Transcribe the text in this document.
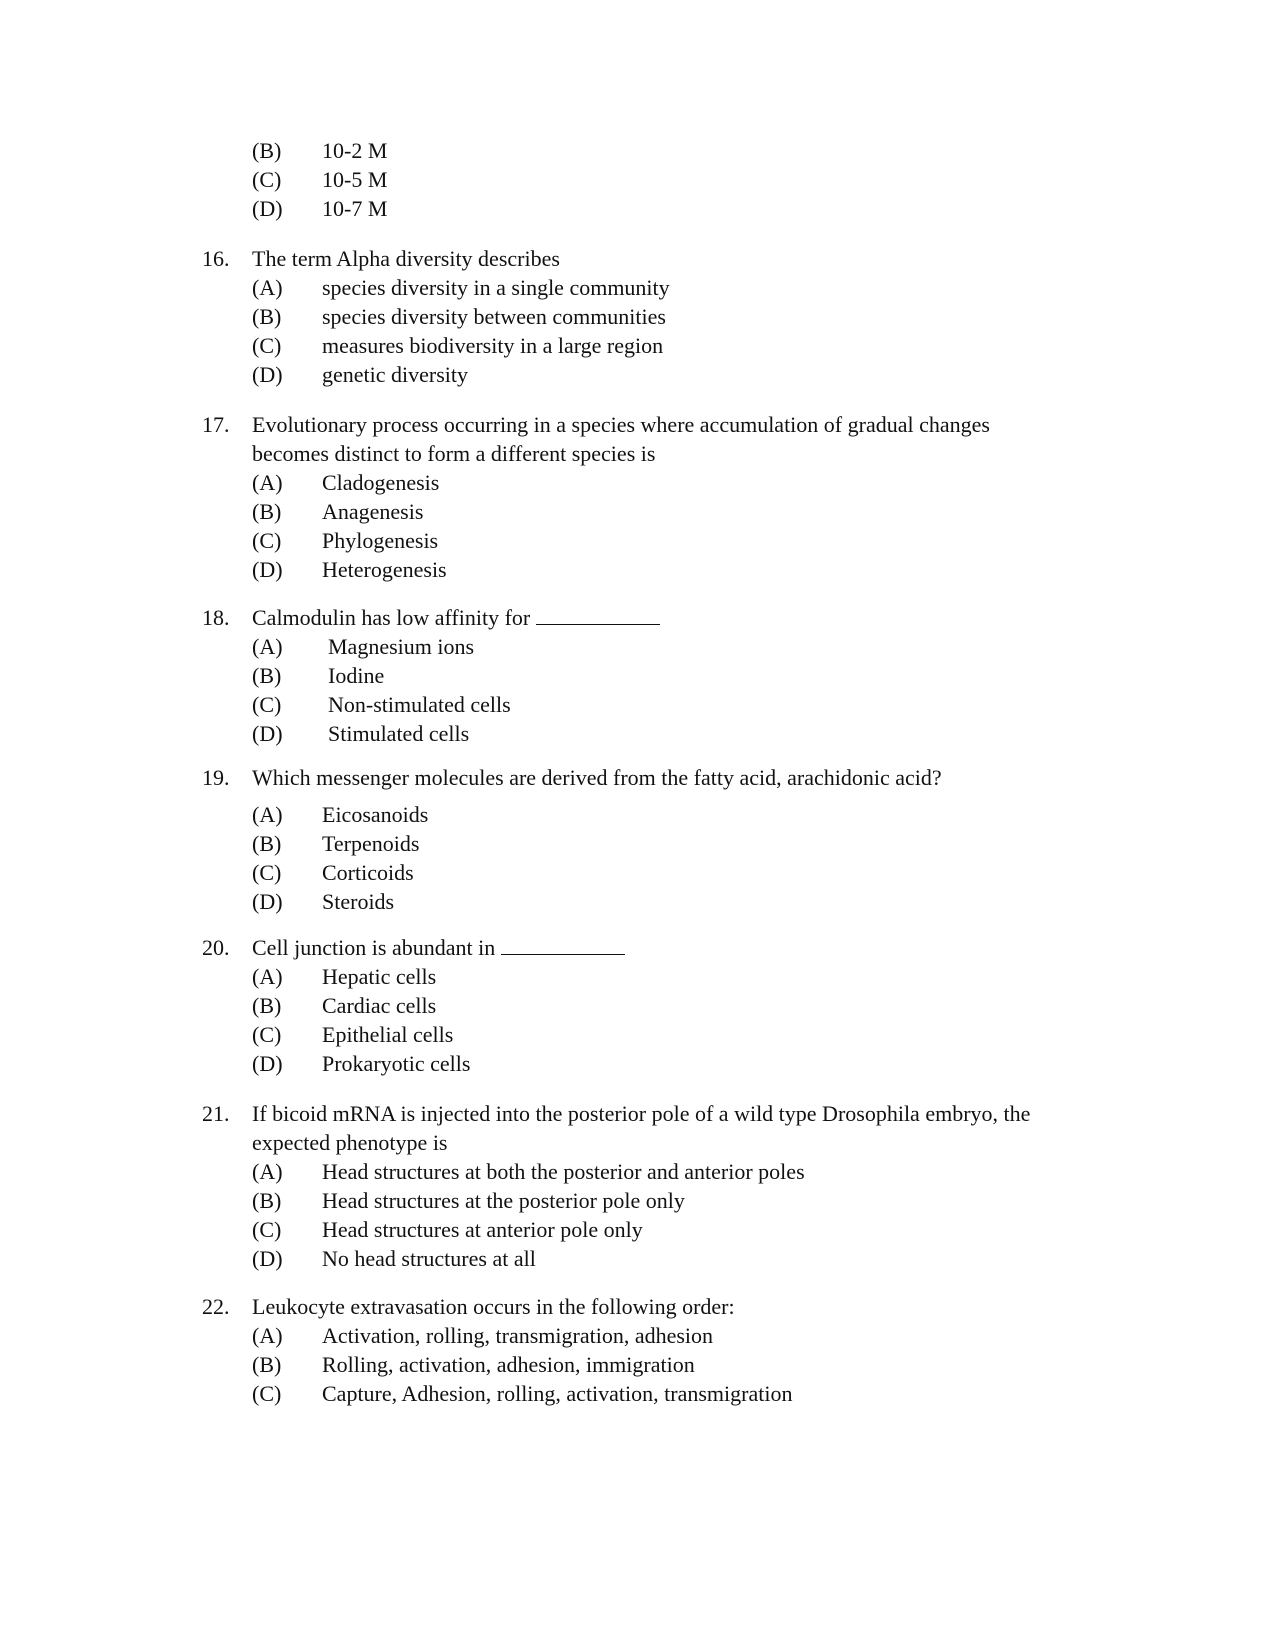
(B) 10-2 M
(C) 10-5 M
(D) 10-7 M
16. The term Alpha diversity describes
(A) species diversity in a single community
(B) species diversity between communities
(C) measures biodiversity in a large region
(D) genetic diversity
17. Evolutionary process occurring in a species where accumulation of gradual changes
becomes distinct to form a different species is
(A) Cladogenesis
(B) Anagenesis
(C) Phylogenesis
(D) Heterogenesis
18. Calmodulin has low affinity for
(A) Magnesium ions
(B) Iodine
(C) Non-stimulated cells
(D) Stimulated cells
19. Which messenger molecules are derived from the fatty acid, arachidonic acid?
(A) Eicosanoids
(B) Terpenoids
(C) Corticoids
(D) Steroids
20. Cell junction is abundant in
(A) Hepatic cells
(B) Cardiac cells
(C) Epithelial cells
(D) Prokaryotic cells
21. If bicoid mRNA is injected into the posterior pole of a wild type Drosophila embryo, the
expected phenotype is
(A) Head structures at both the posterior and anterior poles
(B) Head structures at the posterior pole only
(C) Head structures at anterior pole only
(D) No head structures at all
22. Leukocyte extravasation occurs in the following order:
(A) Activation, rolling, transmigration, adhesion
(B) Rolling, activation, adhesion, immigration
(C) Capture, Adhesion, rolling, activation, transmigration
